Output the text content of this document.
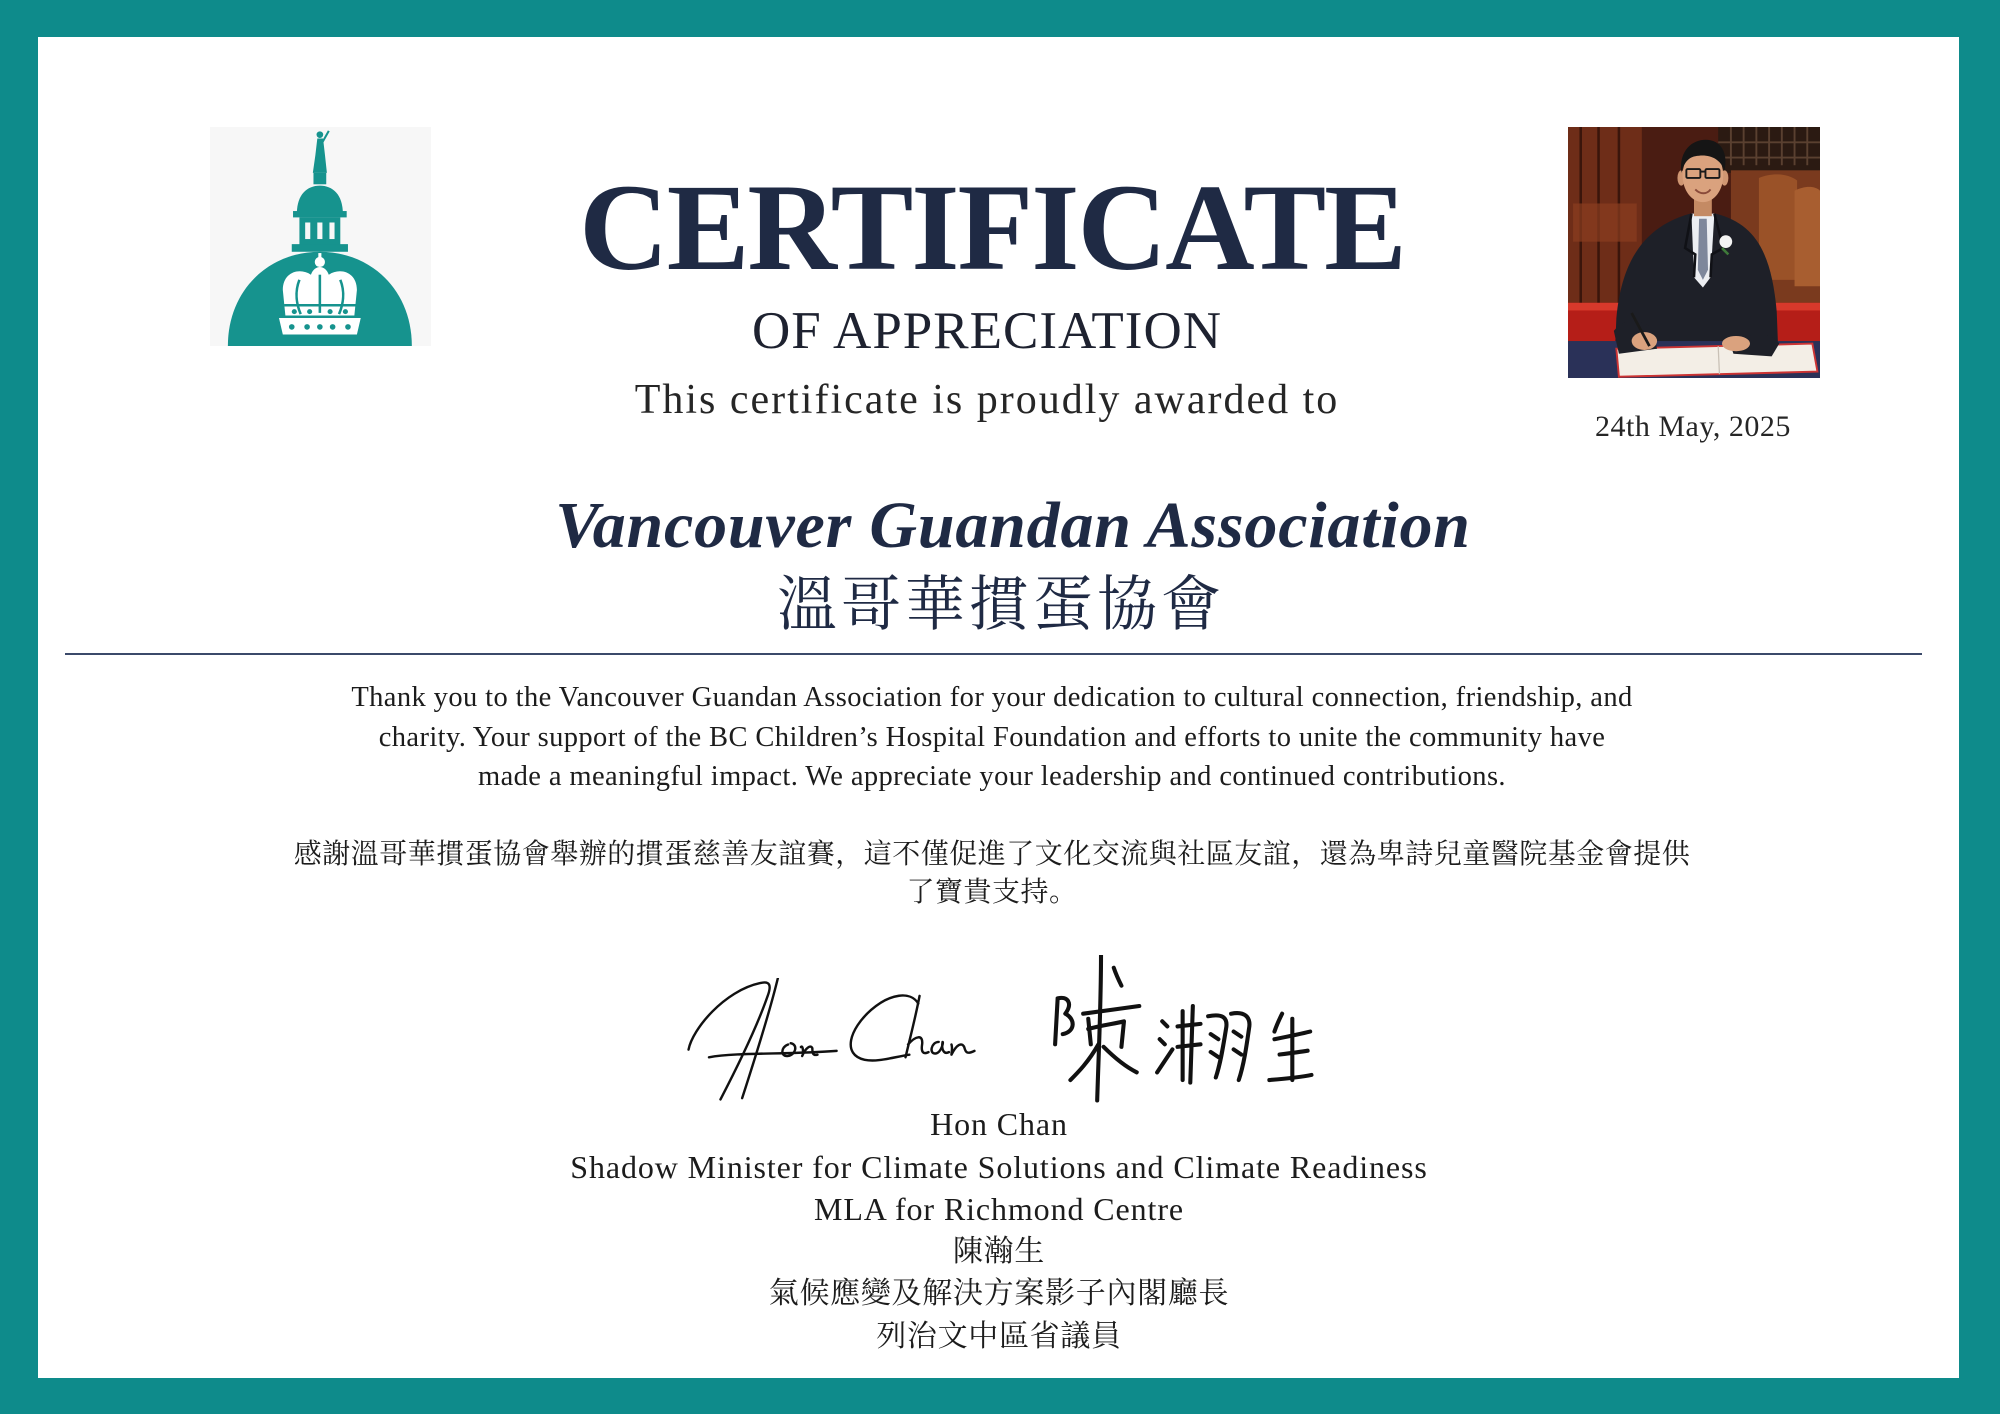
CERTIFICATE
OF APPRECIATION
This certificate is proudly awarded to
24th May, 2025
Vancouver Guandan Association
溫哥華摜蛋協會
Thank you to the Vancouver Guandan Association for your dedication to cultural connection, friendship, and
charity. Your support of the BC Children’s Hospital Foundation and efforts to unite the community have
made a meaningful impact. We appreciate your leadership and continued contributions.
感謝溫哥華摜蛋協會舉辦的摜蛋慈善友誼賽，這不僅促進了文化交流與社區友誼，還為卑詩兒童醫院基金會提供
了寶貴支持。
Hon Chan
Shadow Minister for Climate Solutions and Climate Readiness
MLA for Richmond Centre
陳瀚生
氣候應變及解決方案影子內閣廳長
列治文中區省議員
